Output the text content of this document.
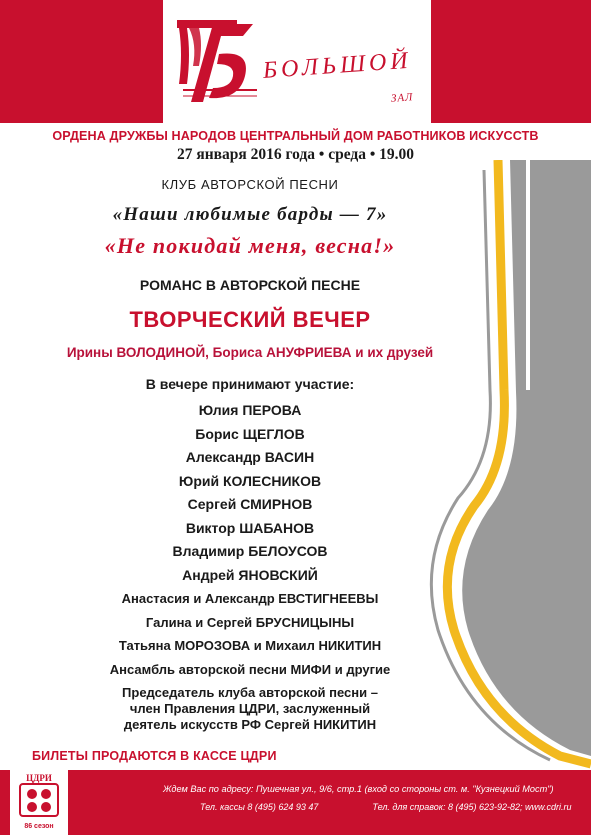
БОЛЬШОЙ
ЗАЛ
ОРДЕНА ДРУЖБЫ НАРОДОВ ЦЕНТРАЛЬНЫЙ ДОМ РАБОТНИКОВ ИСКУССТВ
27 января 2016 года • среда • 19.00
КЛУБ АВТОРСКОЙ ПЕСНИ
«Наши любимые барды — 7»
«Не покидай меня, весна!»
РОМАНС В АВТОРСКОЙ ПЕСНЕ
ТВОРЧЕСКИЙ ВЕЧЕР
Ирины ВОЛОДИНОЙ, Бориса АНУФРИЕВА и их друзей
В вечере принимают участие:
Юлия ПЕРОВА
Борис ЩЕГЛОВ
Александр ВАСИН
Юрий КОЛЕСНИКОВ
Сергей СМИРНОВ
Виктор ШАБАНОВ
Владимир БЕЛОУСОВ
Андрей ЯНОВСКИЙ
Анастасия и Александр ЕВСТИГНЕЕВЫ
Галина и Сергей БРУСНИЦЫНЫ
Татьяна МОРОЗОВА и Михаил НИКИТИН
Ансамбль авторской песни МИФИ и другие
Председатель клуба авторской песни –
член Правления ЦДРИ, заслуженный
деятель искусств РФ Сергей НИКИТИН
БИЛЕТЫ ПРОДАЮТСЯ В КАССЕ ЦДРИ
ЦДРИ
86 сезон
Ждем Вас по адресу: Пушечная ул., 9/6, стр.1 (вход со стороны ст. м. "Кузнецкий Мост")
Тел. кассы 8 (495) 624 93 47	Тел. для справок: 8 (495) 623-92-82; www.cdri.ru
